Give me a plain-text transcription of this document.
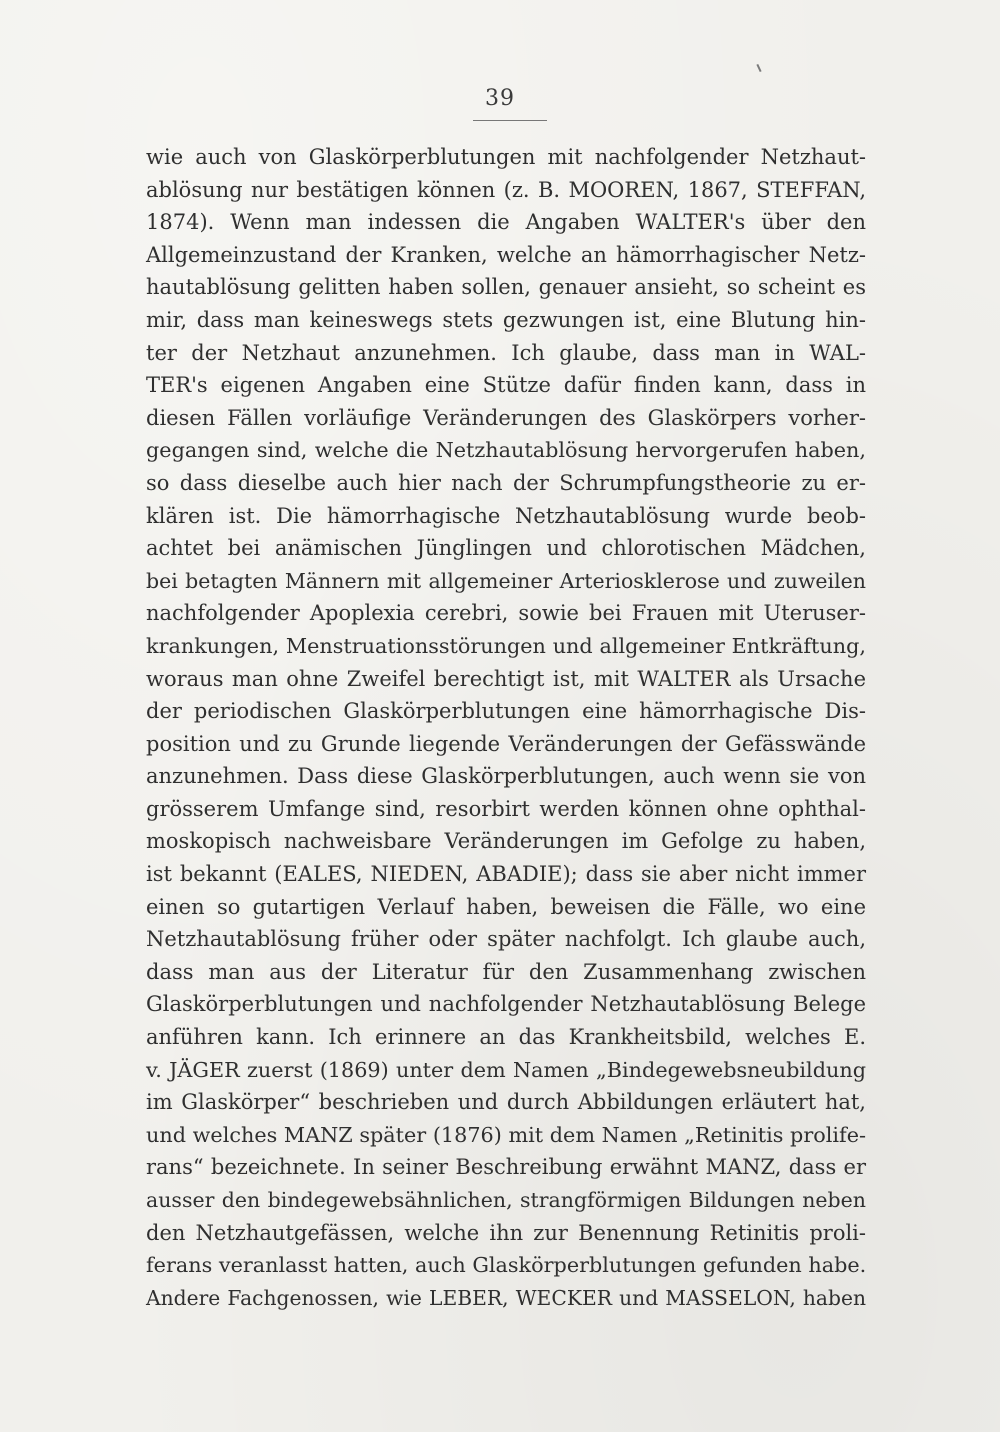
39
wie auch von Glaskörperblutungen mit nachfolgender Netzhaut-
ablösung nur bestätigen können (z. B. MOOREN, 1867, STEFFAN,
1874). Wenn man indessen die Angaben WALTER's über den
Allgemeinzustand der Kranken, welche an hämorrhagischer Netz-
hautablösung gelitten haben sollen, genauer ansieht, so scheint es
mir, dass man keineswegs stets gezwungen ist, eine Blutung hin-
ter der Netzhaut anzunehmen. Ich glaube, dass man in WAL-
TER's eigenen Angaben eine Stütze dafür finden kann, dass in
diesen Fällen vorläufige Veränderungen des Glaskörpers vorher-
gegangen sind, welche die Netzhautablösung hervorgerufen haben,
so dass dieselbe auch hier nach der Schrumpfungstheorie zu er-
klären ist. Die hämorrhagische Netzhautablösung wurde beob-
achtet bei anämischen Jünglingen und chlorotischen Mädchen,
bei betagten Männern mit allgemeiner Arteriosklerose und zuweilen
nachfolgender Apoplexia cerebri, sowie bei Frauen mit Uteruser-
krankungen, Menstruationsstörungen und allgemeiner Entkräftung,
woraus man ohne Zweifel berechtigt ist, mit WALTER als Ursache
der periodischen Glaskörperblutungen eine hämorrhagische Dis-
position und zu Grunde liegende Veränderungen der Gefässwände
anzunehmen. Dass diese Glaskörperblutungen, auch wenn sie von
grösserem Umfange sind, resorbirt werden können ohne ophthal-
moskopisch nachweisbare Veränderungen im Gefolge zu haben,
ist bekannt (EALES, NIEDEN, ABADIE); dass sie aber nicht immer
einen so gutartigen Verlauf haben, beweisen die Fälle, wo eine
Netzhautablösung früher oder später nachfolgt. Ich glaube auch,
dass man aus der Literatur für den Zusammenhang zwischen
Glaskörperblutungen und nachfolgender Netzhautablösung Belege
anführen kann. Ich erinnere an das Krankheitsbild, welches E.
v. JÄGER zuerst (1869) unter dem Namen „Bindegewebsneubildung
im Glaskörper“ beschrieben und durch Abbildungen erläutert hat,
und welches MANZ später (1876) mit dem Namen „Retinitis prolife-
rans“ bezeichnete. In seiner Beschreibung erwähnt MANZ, dass er
ausser den bindegewebsähnlichen, strangförmigen Bildungen neben
den Netzhautgefässen, welche ihn zur Benennung Retinitis proli-
ferans veranlasst hatten, auch Glaskörperblutungen gefunden habe.
Andere Fachgenossen, wie LEBER, WECKER und MASSELON, haben
